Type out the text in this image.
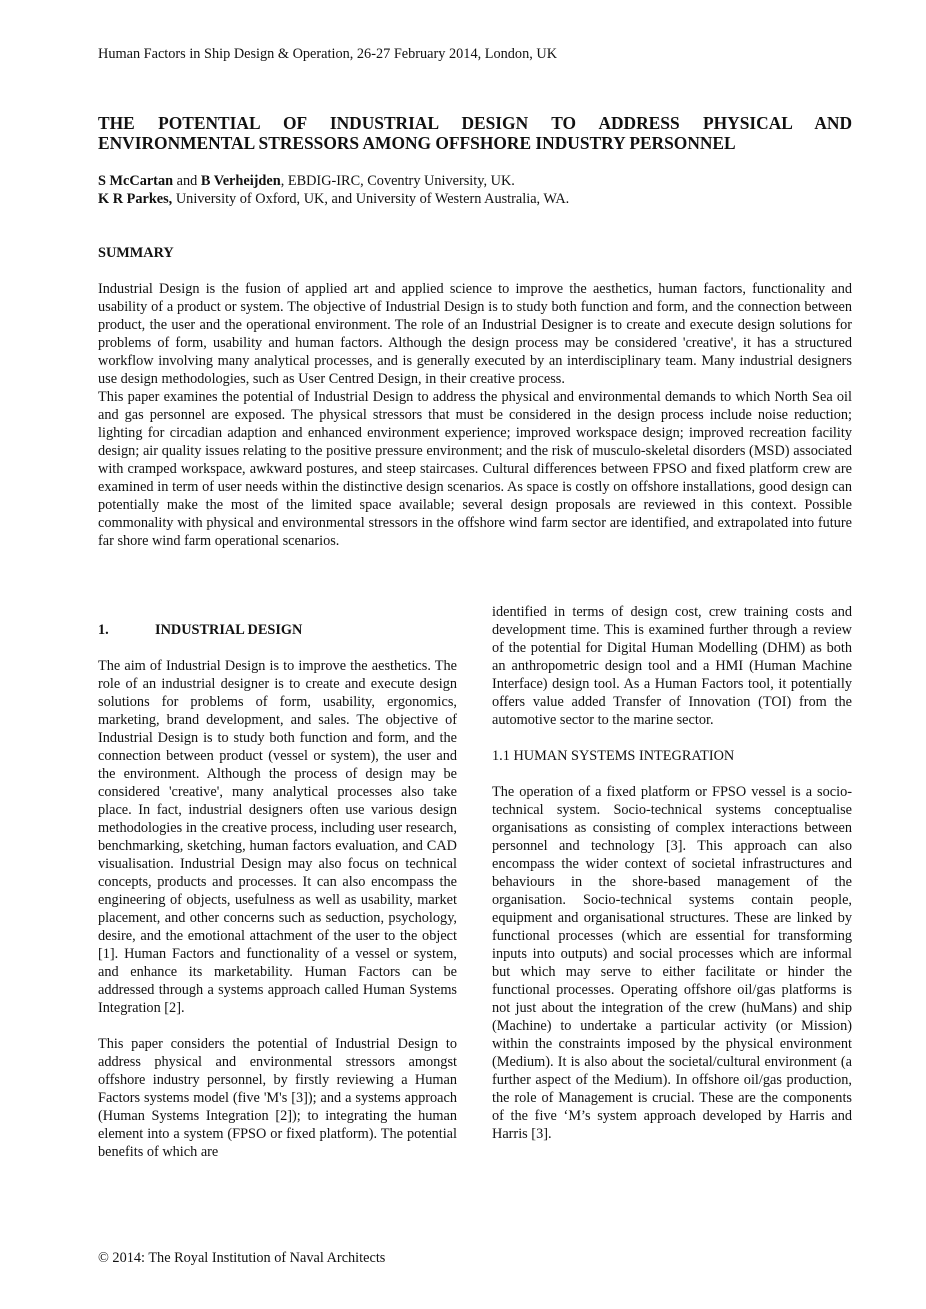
Human Factors in Ship Design & Operation, 26-27 February 2014, London, UK
THE POTENTIAL OF INDUSTRIAL DESIGN TO ADDRESS PHYSICAL AND
ENVIRONMENTAL STRESSORS AMONG OFFSHORE INDUSTRY PERSONNEL
S McCartan and B Verheijden, EBDIG-IRC, Coventry University, UK.
K R Parkes, University of Oxford, UK, and University of Western Australia, WA.
SUMMARY

Industrial Design is the fusion of applied art and applied science to improve the aesthetics, human factors, functionality and usability of a product or system. The objective of Industrial Design is to study both function and form, and the connection between product, the user and the operational environment. The role of an Industrial Designer is to create and execute design solutions for problems of form, usability and human factors. Although the design process may be considered 'creative', it has a structured workflow involving many analytical processes, and is generally executed by an interdisciplinary team. Many industrial designers use design methodologies, such as User Centred Design, in their creative process.

This paper examines the potential of Industrial Design to address the physical and environmental demands to which North Sea oil and gas personnel are exposed. The physical stressors that must be considered in the design process include noise reduction; lighting for circadian adaption and enhanced environment experience; improved workspace design; improved recreation facility design; air quality issues relating to the positive pressure environment; and the risk of musculo-skeletal disorders (MSD) associated with cramped workspace, awkward postures, and steep staircases. Cultural differences between FPSO and fixed platform crew are examined in term of user needs within the distinctive design scenarios. As space is costly on offshore installations, good design can potentially make the most of the limited space available; several design proposals are reviewed in this context. Possible commonality with physical and environmental stressors in the offshore wind farm sector are identified, and extrapolated into future far shore wind farm operational scenarios.

1.	INDUSTRIAL DESIGN

The aim of Industrial Design is to improve the aesthetics. The role of an industrial designer is to create and execute design solutions for problems of form, usability, ergonomics, marketing, brand development, and sales. The objective of Industrial Design is to study both function and form, and the connection between product (vessel or system), the user and the environment. Although the process of design may be considered 'creative', many analytical processes also take place. In fact, industrial designers often use various design methodologies in the creative process, including user research, benchmarking, sketching, human factors evaluation, and CAD visualisation. Industrial Design may also focus on technical concepts, products and processes. It can also encompass the engineering of objects, usefulness as well as usability, market placement, and other concerns such as seduction, psychology, desire, and the emotional attachment of the user to the object [1]. Human Factors and functionality of a vessel or system, and enhance its marketability. Human Factors can be addressed through a systems approach called Human Systems Integration [2].

This paper considers the potential of Industrial Design to address physical and environmental stressors amongst offshore industry personnel, by firstly reviewing a Human Factors systems model (five 'M's [3]); and a systems approach (Human Systems Integration [2]); to integrating the human element into a system (FPSO or fixed platform). The potential benefits of which are

identified in terms of design cost, crew training costs and development time. This is examined further through a review of the potential for Digital Human Modelling (DHM) as both an anthropometric design tool and a HMI (Human Machine Interface) design tool. As a Human Factors tool, it potentially offers value added Transfer of Innovation (TOI) from the automotive sector to the marine sector.

1.1 HUMAN SYSTEMS INTEGRATION

The operation of a fixed platform or FPSO vessel is a socio-technical system. Socio-technical systems conceptualise organisations as consisting of complex interactions between personnel and technology [3]. This approach can also encompass the wider context of societal infrastructures and behaviours in the shore-based management of the organisation. Socio-technical systems contain people, equipment and organisational structures. These are linked by functional processes (which are essential for transforming inputs into outputs) and social processes which are informal but which may serve to either facilitate or hinder the functional processes. Operating offshore oil/gas platforms is not just about the integration of the crew (huMans) and ship (Machine) to undertake a particular activity (or Mission) within the constraints imposed by the physical environment (Medium). It is also about the societal/cultural environment (a further aspect of the Medium). In offshore oil/gas production, the role of Management is crucial. These are the components of the five ‘M’s system approach developed by Harris and Harris [3].

© 2014: The Royal Institution of Naval Architects
